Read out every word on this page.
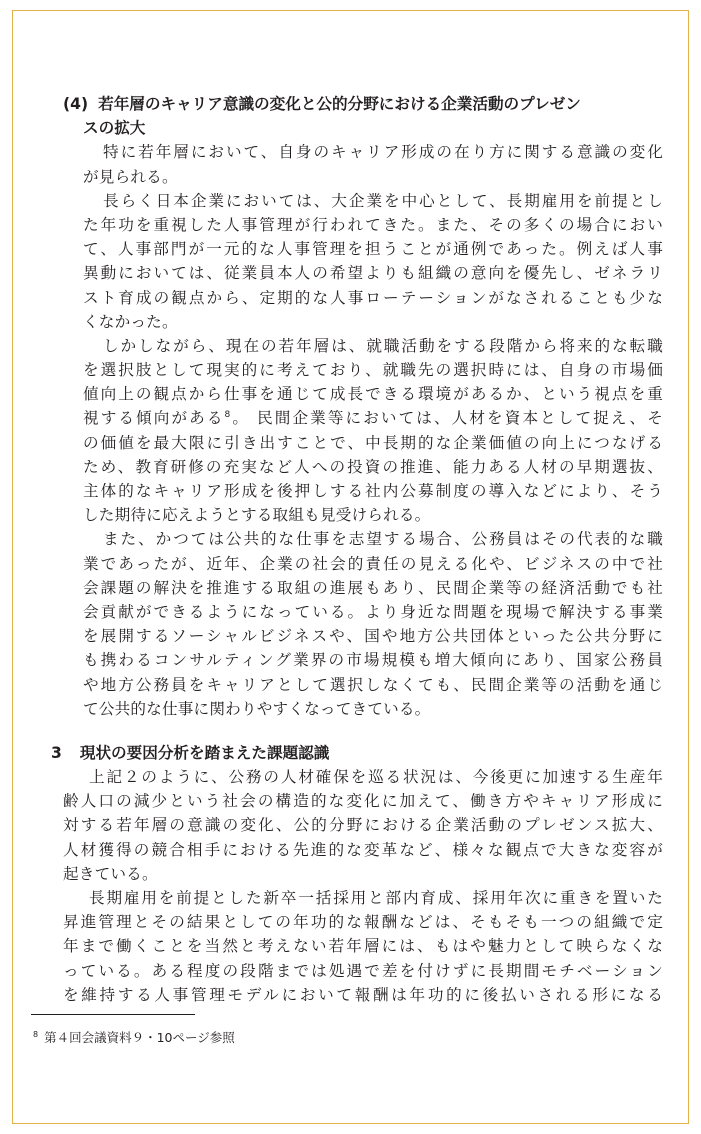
(4) 若年層のキャリア意識の変化と公的分野における企業活動のプレゼン
スの拡大
特に若年層において、自身のキャリア形成の在り方に関する意識の変化
が見られる。
長らく日本企業においては、大企業を中心として、長期雇用を前提とし
た年功を重視した人事管理が行われてきた。また、その多くの場合におい
て、人事部門が一元的な人事管理を担うことが通例であった。例えば人事
異動においては、従業員本人の希望よりも組織の意向を優先し、ゼネラリ
スト育成の観点から、定期的な人事ローテーションがなされることも少な
くなかった。
しかしながら、現在の若年層は、就職活動をする段階から将来的な転職
を選択肢として現実的に考えており、就職先の選択時には、自身の市場価
値向上の観点から仕事を通じて成長できる環境があるか、という視点を重
視する傾向がある$^8$。 民間企業等においては、人材を資本として捉え、そ
の価値を最大限に引き出すことで、中長期的な企業価値の向上につなげる
ため、教育研修の充実など人への投資の推進、能力ある人材の早期選抜、
主体的なキャリア形成を後押しする社内公募制度の導入などにより、そう
した期待に応えようとする取組も見受けられる。
また、かつては公共的な仕事を志望する場合、公務員はその代表的な職
業であったが、近年、企業の社会的責任の見える化や、ビジネスの中で社
会課題の解決を推進する取組の進展もあり、民間企業等の経済活動でも社
会貢献ができるようになっている。より身近な問題を現場で解決する事業
を展開するソーシャルビジネスや、国や地方公共団体といった公共分野に
も携わるコンサルティング業界の市場規模も増大傾向にあり、国家公務員
や地方公務員をキャリアとして選択しなくても、民間企業等の活動を通じ
て公共的な仕事に関わりやすくなってきている。
3 現状の要因分析を踏まえた課題認識
上記２のように、公務の人材確保を巡る状況は、今後更に加速する生産年
齢人口の減少という社会の構造的な変化に加えて、働き方やキャリア形成に
対する若年層の意識の変化、公的分野における企業活動のプレゼンス拡大、
人材獲得の競合相手における先進的な変革など、様々な観点で大きな変容が
起きている。
長期雇用を前提とした新卒一括採用と部内育成、採用年次に重きを置いた
昇進管理とその結果としての年功的な報酬などは、そもそも一つの組織で定
年まで働くことを当然と考えない若年層には、もはや魅力として映らなくな
っている。ある程度の段階までは処遇で差を付けずに長期間モチベーション
を維持する人事管理モデルにおいて報酬は年功的に後払いされる形になる
$^8$ 第４回会議資料９・10ページ参照
